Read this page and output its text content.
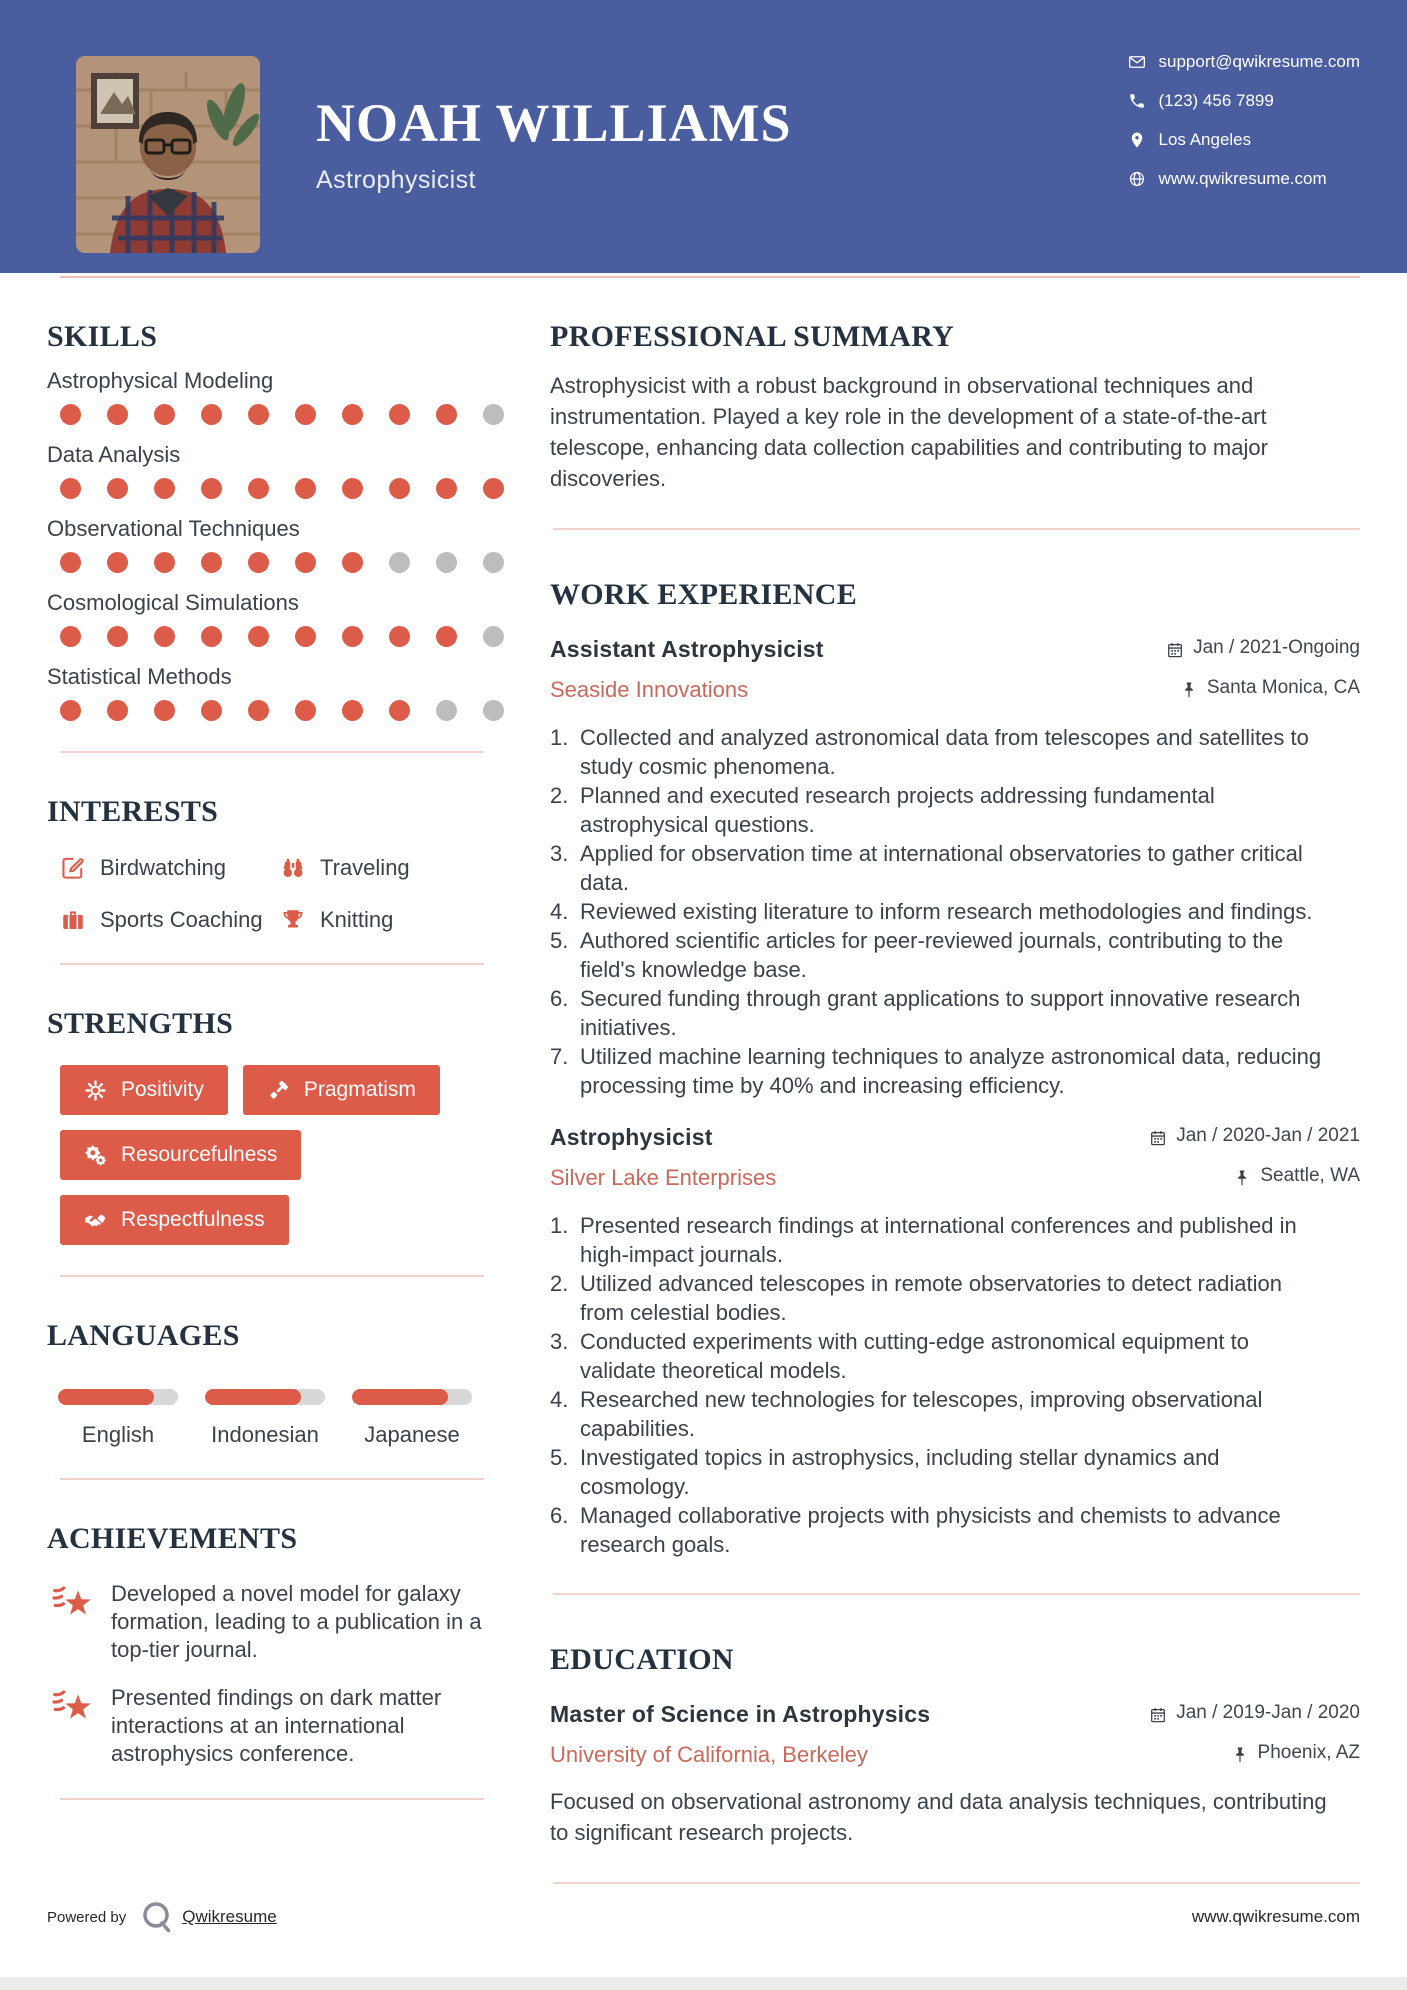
NOAH WILLIAMS
Astrophysicist
support@qwikresume.com
(123) 456 7899
Los Angeles
www.qwikresume.com
SKILLS
Astrophysical Modeling
Data Analysis
Observational Techniques
Cosmological Simulations
Statistical Methods
INTERESTS
Birdwatching	Traveling
Sports Coaching	Knitting
STRENGTHS
Positivity	Pragmatism
Resourcefulness
Respectfulness
LANGUAGES
English	Indonesian	Japanese
ACHIEVEMENTS
Developed a novel model for galaxy formation, leading to a publication in a top-tier journal.
Presented findings on dark matter interactions at an international astrophysics conference.
PROFESSIONAL SUMMARY

Astrophysicist with a robust background in observational techniques and instrumentation. Played a key role in the development of a state-of-the-art telescope, enhancing data collection capabilities and contributing to major discoveries.

WORK EXPERIENCE
Assistant Astrophysicist	Jan / 2021-Ongoing
Seaside Innovations	Santa Monica, CA
1. Collected and analyzed astronomical data from telescopes and satellites to study cosmic phenomena.
2. Planned and executed research projects addressing fundamental astrophysical questions.
3. Applied for observation time at international observatories to gather critical data.
4. Reviewed existing literature to inform research methodologies and findings.
5. Authored scientific articles for peer-reviewed journals, contributing to the field's knowledge base.
6. Secured funding through grant applications to support innovative research initiatives.
7. Utilized machine learning techniques to analyze astronomical data, reducing processing time by 40% and increasing efficiency.
Astrophysicist	Jan / 2020-Jan / 2021
Silver Lake Enterprises	Seattle, WA
1. Presented research findings at international conferences and published in high-impact journals.
2. Utilized advanced telescopes in remote observatories to detect radiation from celestial bodies.
3. Conducted experiments with cutting-edge astronomical equipment to validate theoretical models.
4. Researched new technologies for telescopes, improving observational capabilities.
5. Investigated topics in astrophysics, including stellar dynamics and cosmology.
6. Managed collaborative projects with physicists and chemists to advance research goals.
EDUCATION
Master of Science in Astrophysics	Jan / 2019-Jan / 2020
University of California, Berkeley	Phoenix, AZ

Focused on observational astronomy and data analysis techniques, contributing to significant research projects.

Powered by	Qwikresume	www.qwikresume.com
